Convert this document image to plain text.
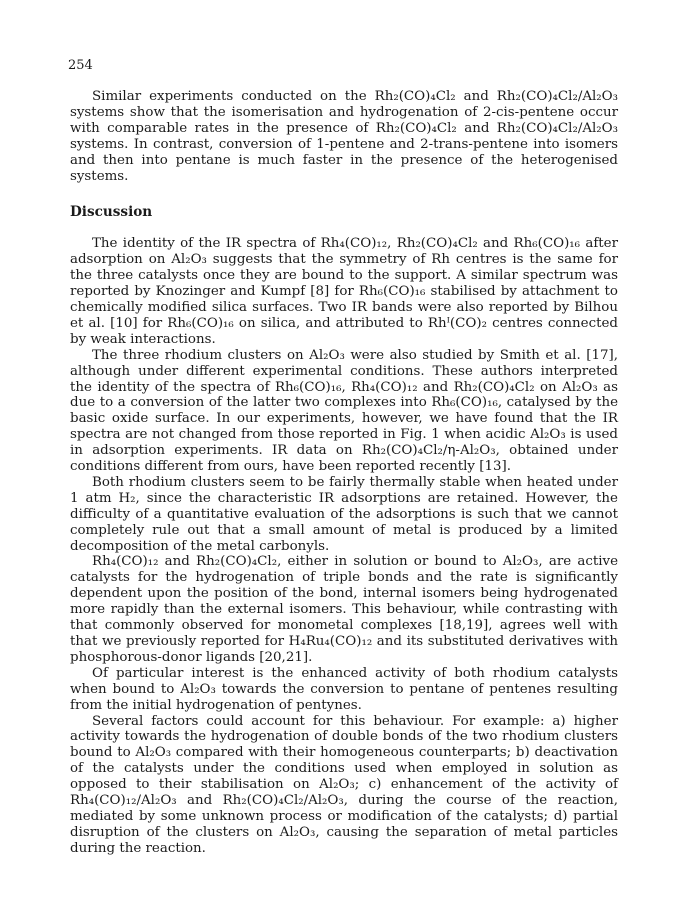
254

Similar experiments conducted on the Rh₂(CO)₄Cl₂ and Rh₂(CO)₄Cl₂/Al₂O₃ systems show that the isomerisation and hydrogenation of 2-cis-pentene occur with comparable rates in the presence of Rh₂(CO)₄Cl₂ and Rh₂(CO)₄Cl₂/Al₂O₃ systems. In contrast, conversion of 1-pentene and 2-trans-pentene into isomers and then into pentane is much faster in the presence of the heterogenised systems.

Discussion

The identity of the IR spectra of Rh₄(CO)₁₂, Rh₂(CO)₄Cl₂ and Rh₆(CO)₁₆ after adsorption on Al₂O₃ suggests that the symmetry of Rh centres is the same for the three catalysts once they are bound to the support. A similar spectrum was reported by Knozinger and Kumpf [8] for Rh₆(CO)₁₆ stabilised by attachment to chemically modified silica surfaces. Two IR bands were also reported by Bilhou et al. [10] for Rh₆(CO)₁₆ on silica, and attributed to Rhᴵ(CO)₂ centres connected by weak interactions.

The three rhodium clusters on Al₂O₃ were also studied by Smith et al. [17], although under different experimental conditions. These authors interpreted the identity of the spectra of Rh₆(CO)₁₆, Rh₄(CO)₁₂ and Rh₂(CO)₄Cl₂ on Al₂O₃ as due to a conversion of the latter two complexes into Rh₆(CO)₁₆, catalysed by the basic oxide surface. In our experiments, however, we have found that the IR spectra are not changed from those reported in Fig. 1 when acidic Al₂O₃ is used in adsorption experiments. IR data on Rh₂(CO)₄Cl₂/η-Al₂O₃, obtained under conditions different from ours, have been reported recently [13].

Both rhodium clusters seem to be fairly thermally stable when heated under 1 atm H₂, since the characteristic IR adsorptions are retained. However, the difficulty of a quantitative evaluation of the adsorptions is such that we cannot completely rule out that a small amount of metal is produced by a limited decomposition of the metal carbonyls.

Rh₄(CO)₁₂ and Rh₂(CO)₄Cl₂, either in solution or bound to Al₂O₃, are active catalysts for the hydrogenation of triple bonds and the rate is significantly dependent upon the position of the bond, internal isomers being hydrogenated more rapidly than the external isomers. This behaviour, while contrasting with that commonly observed for monometal complexes [18,19], agrees well with that we previously reported for H₄Ru₄(CO)₁₂ and its substituted derivatives with phosphorous-donor ligands [20,21].

Of particular interest is the enhanced activity of both rhodium catalysts when bound to Al₂O₃ towards the conversion to pentane of pentenes resulting from the initial hydrogenation of pentynes.

Several factors could account for this behaviour. For example: a) higher activity towards the hydrogenation of double bonds of the two rhodium clusters bound to Al₂O₃ compared with their homogeneous counterparts; b) deactivation of the catalysts under the conditions used when employed in solution as opposed to their stabilisation on Al₂O₃; c) enhancement of the activity of Rh₄(CO)₁₂/Al₂O₃ and Rh₂(CO)₄Cl₂/Al₂O₃, during the course of the reaction, mediated by some unknown process or modification of the catalysts; d) partial disruption of the clusters on Al₂O₃, causing the separation of metal particles during the reaction.
